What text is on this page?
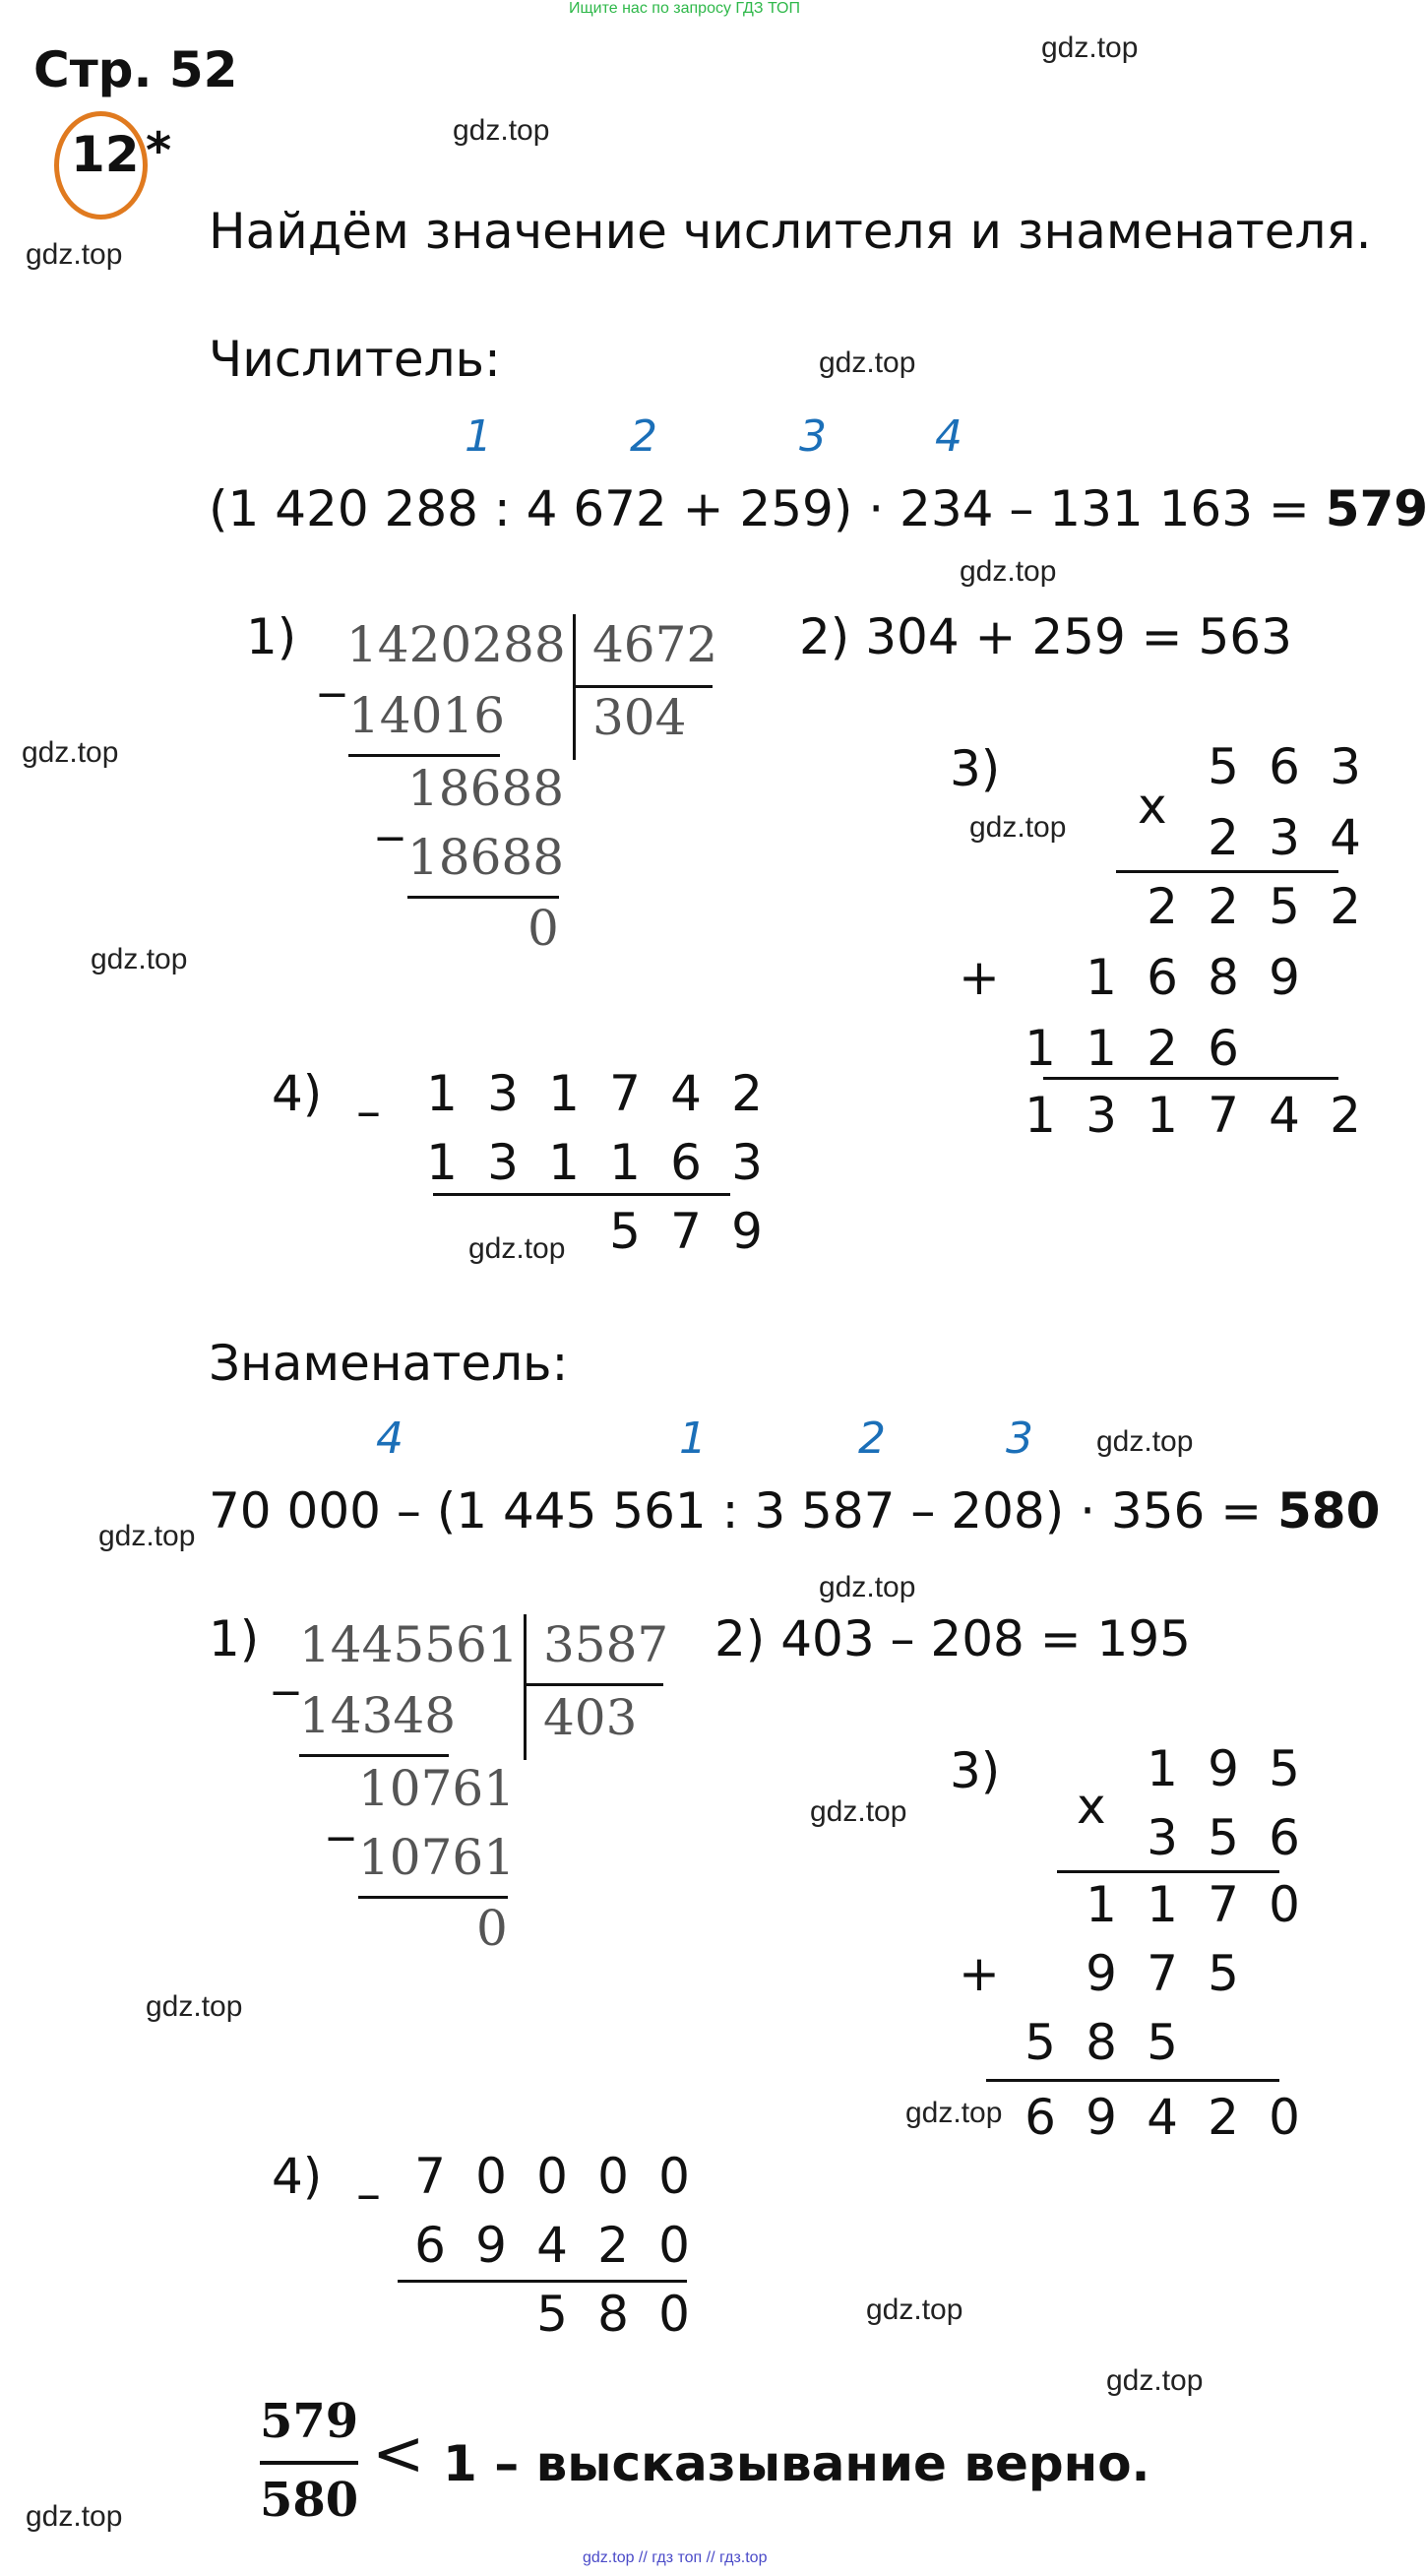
Ищите нас по запросу ГДЗ ТОП
gdz.top // гдз топ // гдз.top
Стр. 52
12 *
Найдём значение числителя и знаменателя.
gdz.top
gdz.top
gdz.top
gdz.top
gdz.top
gdz.top
gdz.top
gdz.top
gdz.top
gdz.top
gdz.top
gdz.top
gdz.top
gdz.top
gdz.top
gdz.top
gdz.top
gdz.top
Числитель:
1	2	3	4
(1 420 288 : 4 672 + 259) · 234 – 131 163 = 579
1)
_ 1420288 4672
304
14016
_ 18688
18688
0
2) 304 + 259 = 563
3)
x
5 6 3
2 3 4
2 2 5 2
+	1 6 8 9
1 1 2 6
1 3 1 7 4 2
4) – 1 3 1 7 4 2
1 3 1 1 6 3
5 7 9
Знаменатель:
4	1	2	3
70 000 – (1 445 561 : 3 587 – 208) · 356 = 580
1) _ 1445561 3587
403
14348
_ 10761
10761
0
2) 403 – 208 = 195
3)
x
1 9 5
3 5 6
1 1 7 0
+	9 7 5
5 8 5
6 9 4 2 0
4) – 7 0 0 0 0
6 9 4 2 0
5 8 0
579
580
< 1 – высказывание верно.
